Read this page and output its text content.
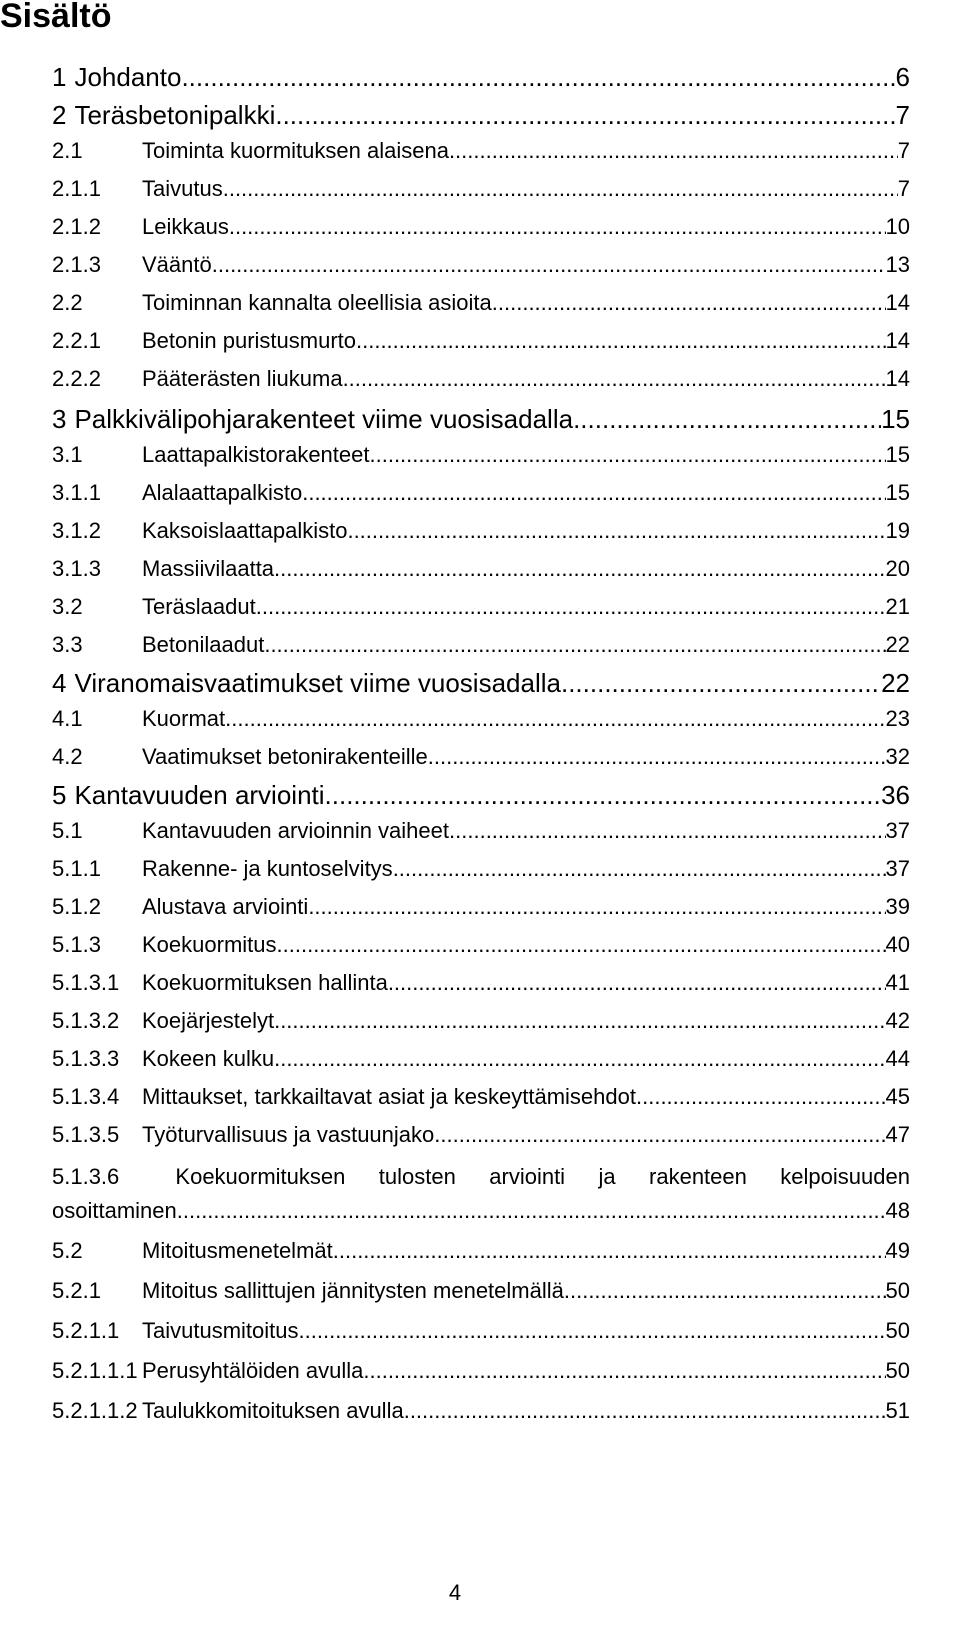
Sisältö
1 Johdanto .....	6
2 Teräsbetonipalkki .....	7
2.1	Toiminta kuormituksen alaisena .....	7
2.1.1	Taivutus .....	7
2.1.2	Leikkaus .....	10
2.1.3	Vääntö .....	13
2.2	Toiminnan kannalta oleellisia asioita .....	14
2.2.1	Betonin puristusmurto .....	14
2.2.2	Pääterästen liukuma .....	14
3 Palkkivälipohjarakenteet viime vuosisadalla .....	15
3.1	Laattapalkistorakenteet .....	15
3.1.1	Alalaattapalkisto .....	15
3.1.2	Kaksoislaattapalkisto .....	19
3.1.3	Massiivilaatta .....	20
3.2	Teräslaadut .....	21
3.3	Betonilaadut .....	22
4 Viranomaisvaatimukset viime vuosisadalla .....	22
4.1	Kuormat .....	23
4.2	Vaatimukset betonirakenteille .....	32
5 Kantavuuden arviointi .....	36
5.1	Kantavuuden arvioinnin vaiheet .....	37
5.1.1	Rakenne- ja kuntoselvitys .....	37
5.1.2	Alustava arviointi .....	39
5.1.3	Koekuormitus .....	40
5.1.3.1	Koekuormituksen hallinta .....	41
5.1.3.2	Koejärjestelyt .....	42
5.1.3.3	Kokeen kulku .....	44
5.1.3.4	Mittaukset, tarkkailtavat asiat ja keskeyttämisehdot .....	45
5.1.3.5	Työturvallisuus ja vastuunjako .....	47
5.1.3.6	Koekuormituksen tulosten arviointi ja rakenteen kelpoisuuden
osoittaminen .....	48
5.2	Mitoitusmenetelmät .....	49
5.2.1	Mitoitus sallittujen jännitysten menetelmällä .....	50
5.2.1.1	Taivutusmitoitus .....	50
5.2.1.1.1 Perusyhtälöiden avulla .....	50
5.2.1.1.2 Taulukkomitoituksen avulla .....	51
4
